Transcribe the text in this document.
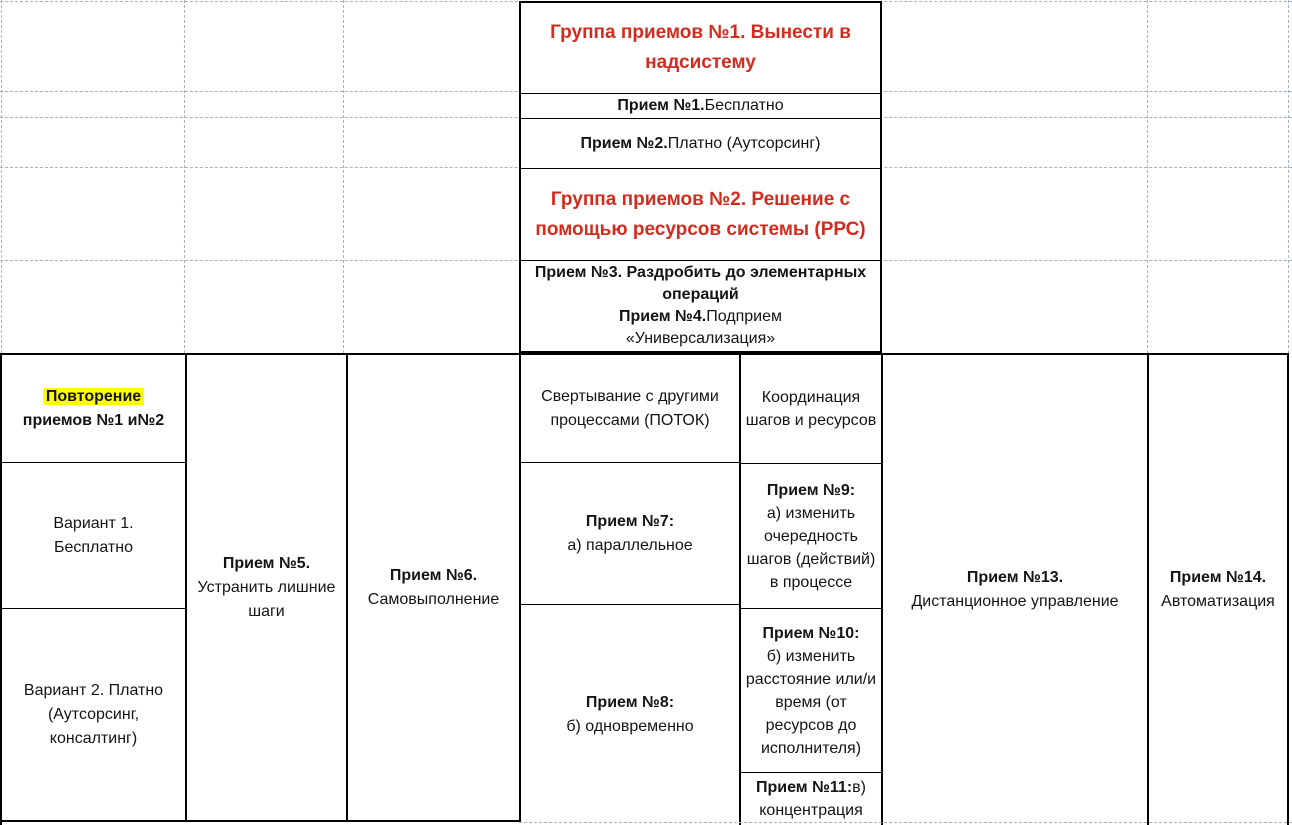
Группа приемов №1. Вынести в надсистему
Прием №1.Бесплатно
Прием №2.Платно (Аутсорсинг)
Группа приемов №2. Решение с помощью ресурсов системы (РРС)
Прием №3. Раздробить до элементарных операций
Прием №4.Подприем
«Универсализация»
Повторение
приемов №1 и№2
Вариант 1.
Бесплатно
Вариант 2. Платно (Аутсорсинг, консалтинг)
Прием №5.
Устранить лишние шаги
Прием №6.
Самовыполнение
Свертывание с другими процессами (ПОТОК)
Прием №7:
а) параллельное
Прием №8:
б) одновременно
Координация шагов и ресурсов
Прием №9:
а) изменить очередность шагов (действий) в процессе
Прием №10:
б) изменить расстояние или/и время (от ресурсов до исполнителя)
Прием №11:в) концентрация
Прием №13.
Дистанционное управление
Прием №14.
Автоматизация
